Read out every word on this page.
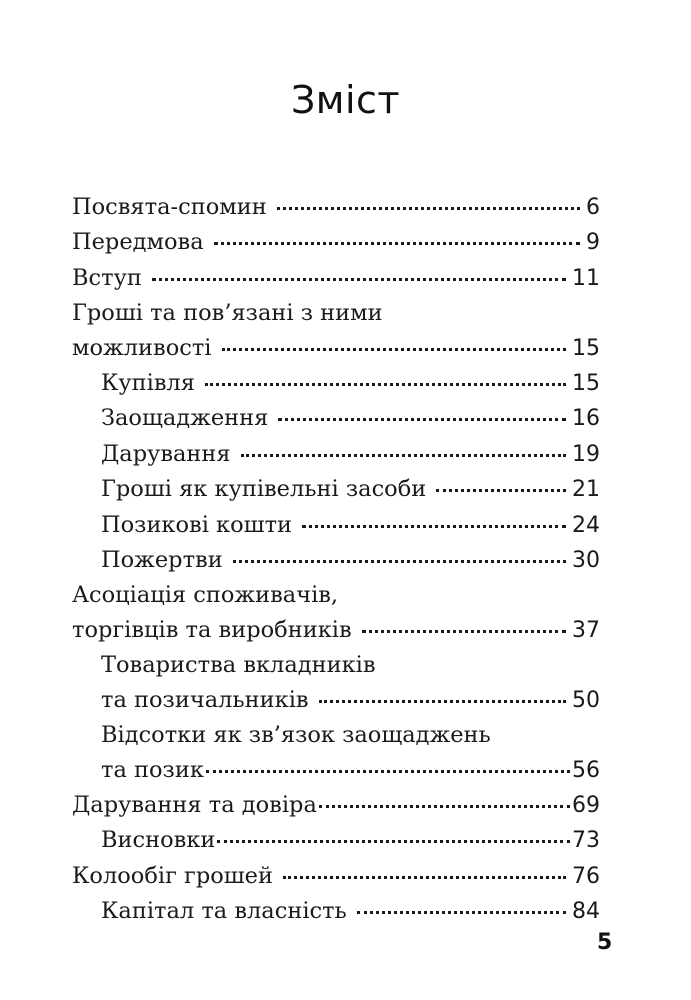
Зміст
Посвята-спомин	6
Передмова	9
Вступ	11
Гроші та пов’язані з ними
можливості	15
Купівля	15
Заощадження	16
Дарування	19
Гроші як купівельні засоби	21
Позикові кошти	24
Пожертви	30
Асоціація споживачів,
торгівців та виробників	37
Товариства вкладників
та позичальників	50
Відсотки як зв’язок заощаджень
та позик	56
Дарування та довіра	69
Висновки	73
Колообіг грошей	76
Капітал та власність	84
5
